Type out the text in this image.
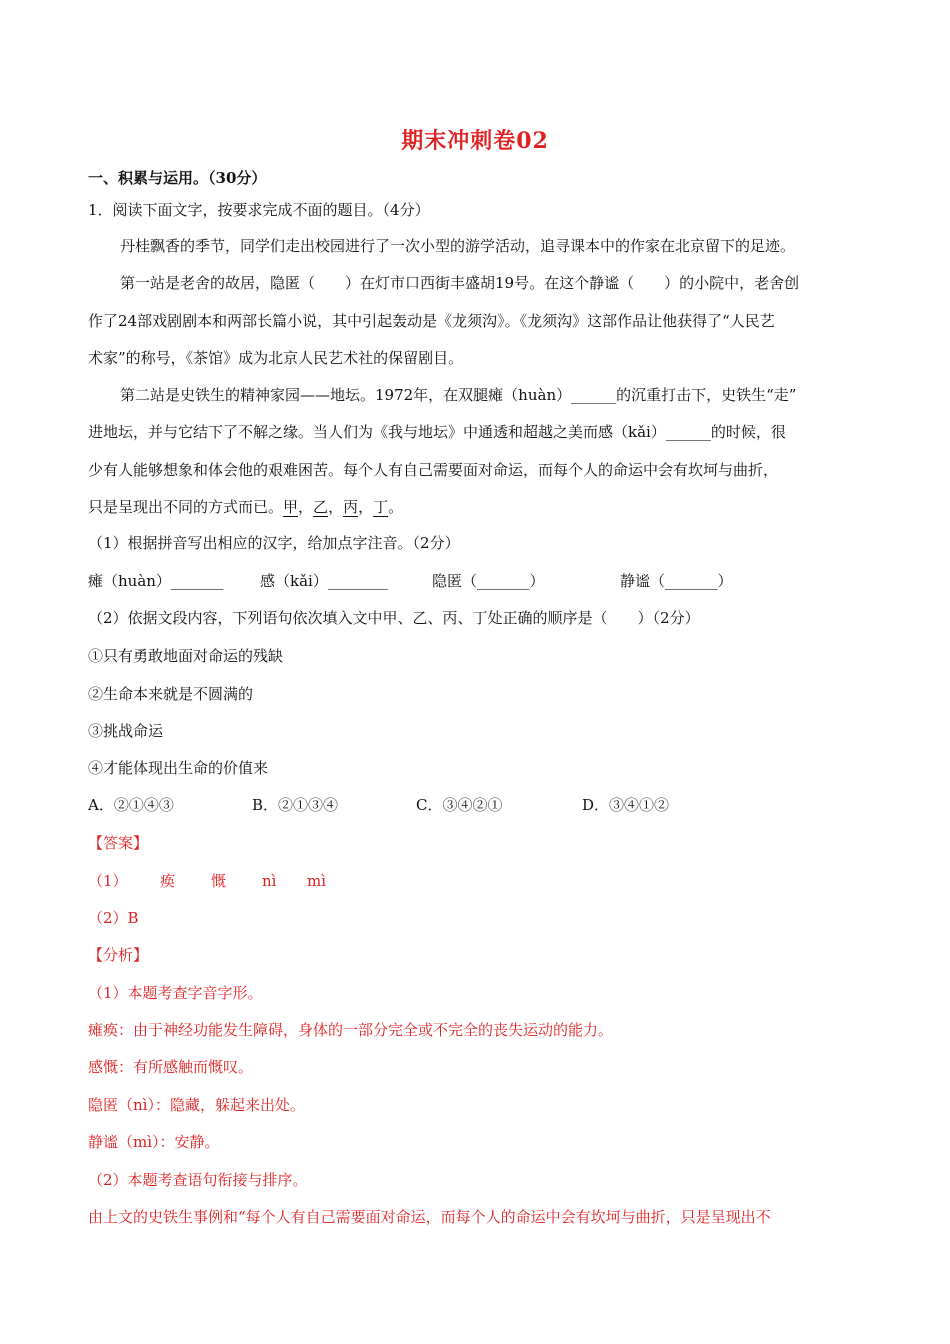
期末冲刺卷02
一、积累与运用。（30分）
1．阅读下面文字，按要求完成不面的题目。（4分）
丹桂飘香的季节，同学们走出校园进行了一次小型的游学活动，追寻课本中的作家在北京留下的足迹。
第一站是老舍的故居，隐匿（　　）在灯市口西街丰盛胡19号。在这个静谧（　　）的小院中，老舍创
作了24部戏剧剧本和两部长篇小说，其中引起轰动是《龙须沟》。《龙须沟》这部作品让他获得了“人民艺
术家”的称号，《茶馆》成为北京人民艺术社的保留剧目。
第二站是史铁生的精神家园——地坛。1972年，在双腿瘫（huàn）______的沉重打击下，史铁生“走”
进地坛，并与它结下了不解之缘。当人们为《我与地坛》中通透和超越之美而感（kǎi）______的时候，很
少有人能够想象和体会他的艰难困苦。每个人有自己需要面对命运，而每个人的命运中会有坎坷与曲折，
只是呈现出不同的方式而已。甲，乙，丙，丁。
（1）根据拼音写出相应的汉字，给加点字注音。（2分）
瘫（huàn）_______ 感（kǎi）________	隐匿（_______）	静谧（_______）
（2）依据文段内容，下列语句依次填入文中甲、乙、丙、丁处正确的顺序是（　　）（2分）
①只有勇敢地面对命运的残缺
②生命本来就是不圆满的
③挑战命运
④才能体现出生命的价值来
A．②①④③	B．②①③④	C．③④②①	D．③④①②
【答案】
（1） 痪 慨 nì mì
（2）B
【分析】
（1）本题考查字音字形。
瘫痪：由于神经功能发生障碍，身体的一部分完全或不完全的丧失运动的能力。
感慨：有所感触而慨叹。
隐匿（nì）：隐藏，躲起来出处。
静谧（mì）：安静。
（2）本题考查语句衔接与排序。
由上文的史铁生事例和“每个人有自己需要面对命运，而每个人的命运中会有坎坷与曲折，只是呈现出不
